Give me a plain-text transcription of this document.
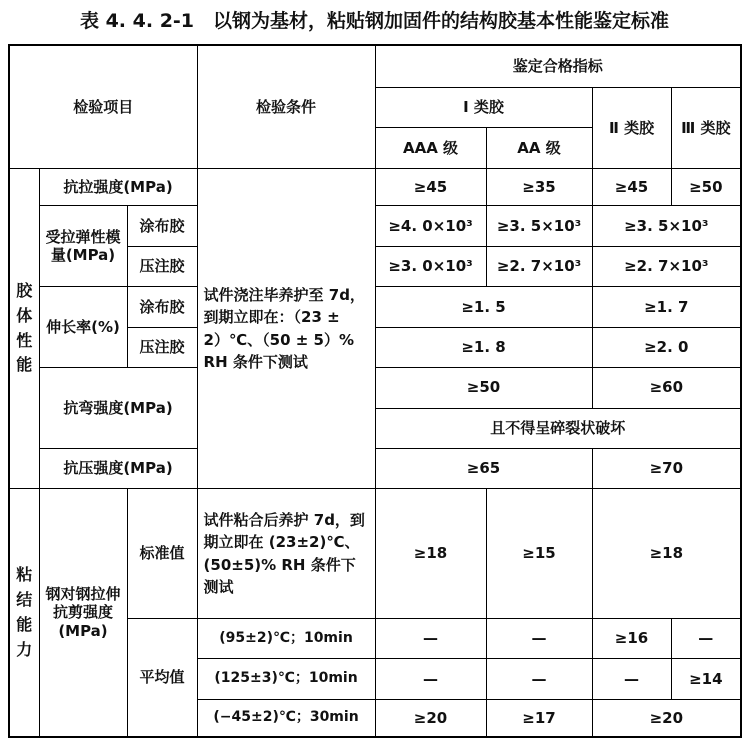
表 4. 4. 2-1　以钢为基材，粘贴钢加固件的结构胶基本性能鉴定标准
检验项目			检验条件	鉴定合格指标			
				Ⅰ 类胶		Ⅱ 类胶	Ⅲ 类胶
				AAA 级	AA 级		

胶
体
性
能	抗拉强度(MPa)		试件浇注毕养护至 7d，到期立即在：（23 ± 2）℃、（50 ± 5）% RH 条件下测试	≥45	≥35	≥45	≥50
	受拉弹性模量(MPa)	涂布胶		≥4. 0×10³	≥3. 5×10³	≥3. 5×10³	
		压注胶		≥3. 0×10³	≥2. 7×10³	≥2. 7×10³	
	伸长率(%)	涂布胶		≥1. 5		≥1. 7	
		压注胶		≥1. 8		≥2. 0	
	抗弯强度(MPa)			≥50		≥60	
				且不得呈碎裂状破坏			
	抗压强度(MPa)			≥65		≥70	

粘
结
能
力	钢对钢拉伸抗剪强度(MPa)	标准值	试件粘合后养护 7d，到期立即在 (23±2)℃、(50±5)% RH 条件下测试	≥18	≥15	≥18	
		平均值	(95±2)℃；10min	—	—	≥16	—
			(125±3)℃；10min	—	—	—	≥14
			(−45±2)℃；30min	≥20	≥17	≥20	
